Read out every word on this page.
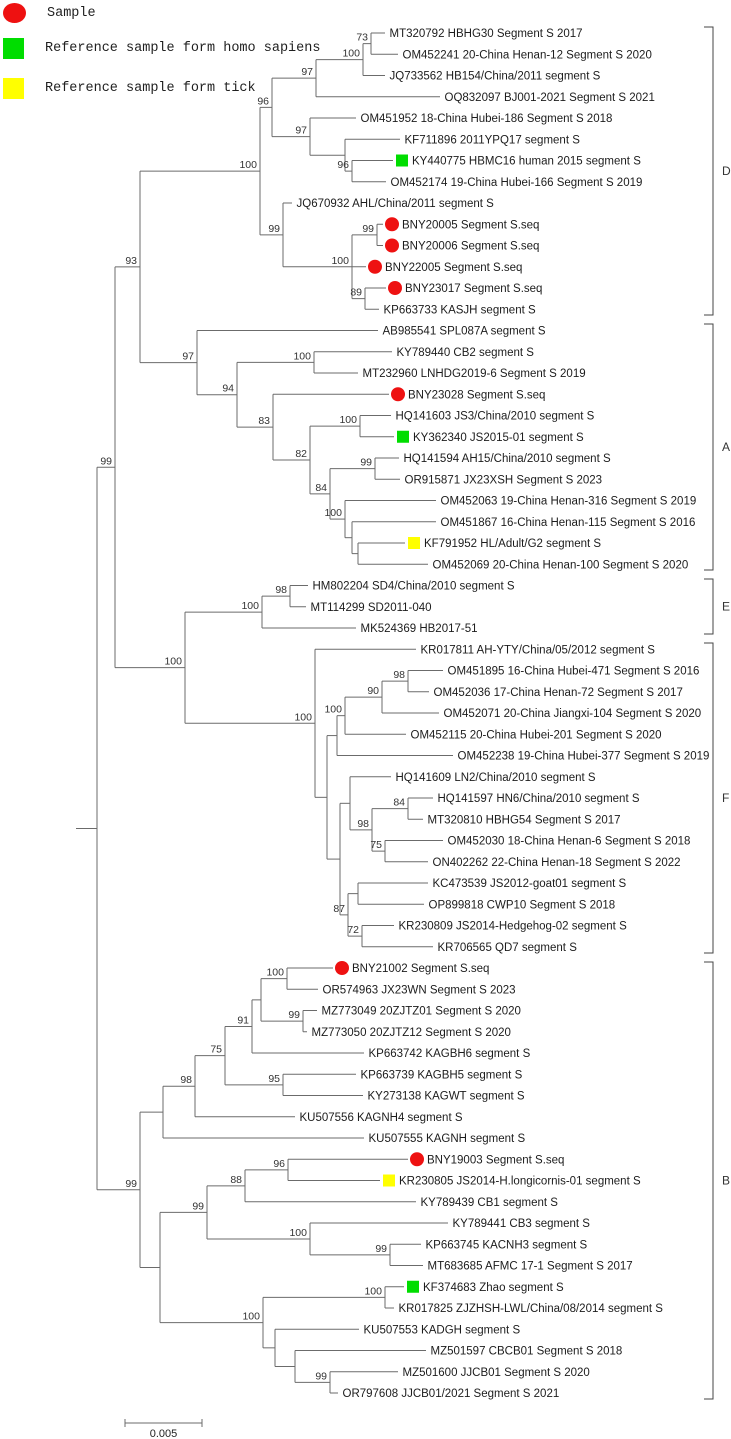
Sample
Reference sample form homo sapiens
Reference sample form tick
99
93
100
96
97
100
73 MT320792 HBHG30 Segment S 2017
OM452241 20-China Henan-12 Segment S 2020
JQ733562 HB154/China/2011 segment S
OQ832097 BJ001-2021 Segment S 2021
97
OM451952 18-China Hubei-186 Segment S 2018
KF711896 2011YPQ17 segment S
96	KY440775 HBMC16 human 2015 segment S
OM452174 19-China Hubei-166 Segment S 2019
99
JQ670932 AHL/China/2011 segment S
100
99 BNY20005 Segment S.seq
BNY20006 Segment S.seq
BNY22005 Segment S.seq
89	BNY23017 Segment S.seq
KP663733 KASJH segment S
97
AB985541 SPL087A segment S
94
100	KY789440 CB2 segment S
MT232960 LNHDG2019-6 Segment S 2019
83
BNY23028 Segment S.seq
82
100	HQ141603 JS3/China/2010 segment S
KY362340 JS2015-01 segment S
84
99	HQ141594 AH15/China/2010 segment S
OR915871 JX23XSH Segment S 2023
100
OM452063 19-China Henan-316 Segment S 2019
OM451867 16-China Henan-115 Segment S 2016
KF791952 HL/Adult/G2 segment S
OM452069 20-China Henan-100 Segment S 2020
100
100
98 HM802204 SD4/China/2010 segment S
MT114299 SD2011-040
MK524369 HB2017-51
100
KR017811 AH-YTY/China/05/2012 segment S
100
90
98	OM451895 16-China Hubei-471 Segment S 2016
OM452036 17-China Henan-72 Segment S 2017
OM452071 20-China Jiangxi-104 Segment S 2020
OM452115 20-China Hubei-201 Segment S 2020
OM452238 19-China Hubei-377 Segment S 2019
HQ141609 LN2/China/2010 segment S
98
84	HQ141597 HN6/China/2010 segment S
MT320810 HBHG54 Segment S 2017
75	OM452030 18-China Henan-6 Segment S 2018
ON402262 22-China Henan-18 Segment S 2022
87
KC473539 JS2012-goat01 segment S
OP899818 CWP10 Segment S 2018
72	KR230809 JS2014-Hedgehog-02 segment S
KR706565 QD7 segment S
99
98
75
91
100	BNY21002 Segment S.seq
OR574963 JX23WN Segment S 2023
99 MZ773049 20ZJTZ01 Segment S 2020
MZ773050 20ZJTZ12 Segment S 2020
KP663742 KAGBH6 segment S
95	KP663739 KAGBH5 segment S
KY273138 KAGWT segment S
KU507556 KAGNH4 segment S
KU507555 KAGNH segment S
99
88
96	BNY19003 Segment S.seq
KR230805 JS2014-H.longicornis-01 segment S
KY789439 CB1 segment S
100
KY789441 CB3 segment S
99	KP663745 KACNH3 segment S
MT683685 AFMC 17-1 Segment S 2017
100
100	KF374683 Zhao segment S
KR017825 ZJZHSH-LWL/China/08/2014 segment S
KU507553 KADGH segment S
MZ501597 CBCB01 Segment S 2018
99	MZ501600 JJCB01 Segment S 2020
OR797608 JJCB01/2021 Segment S 2021
D
A
E
F
B
0.005
